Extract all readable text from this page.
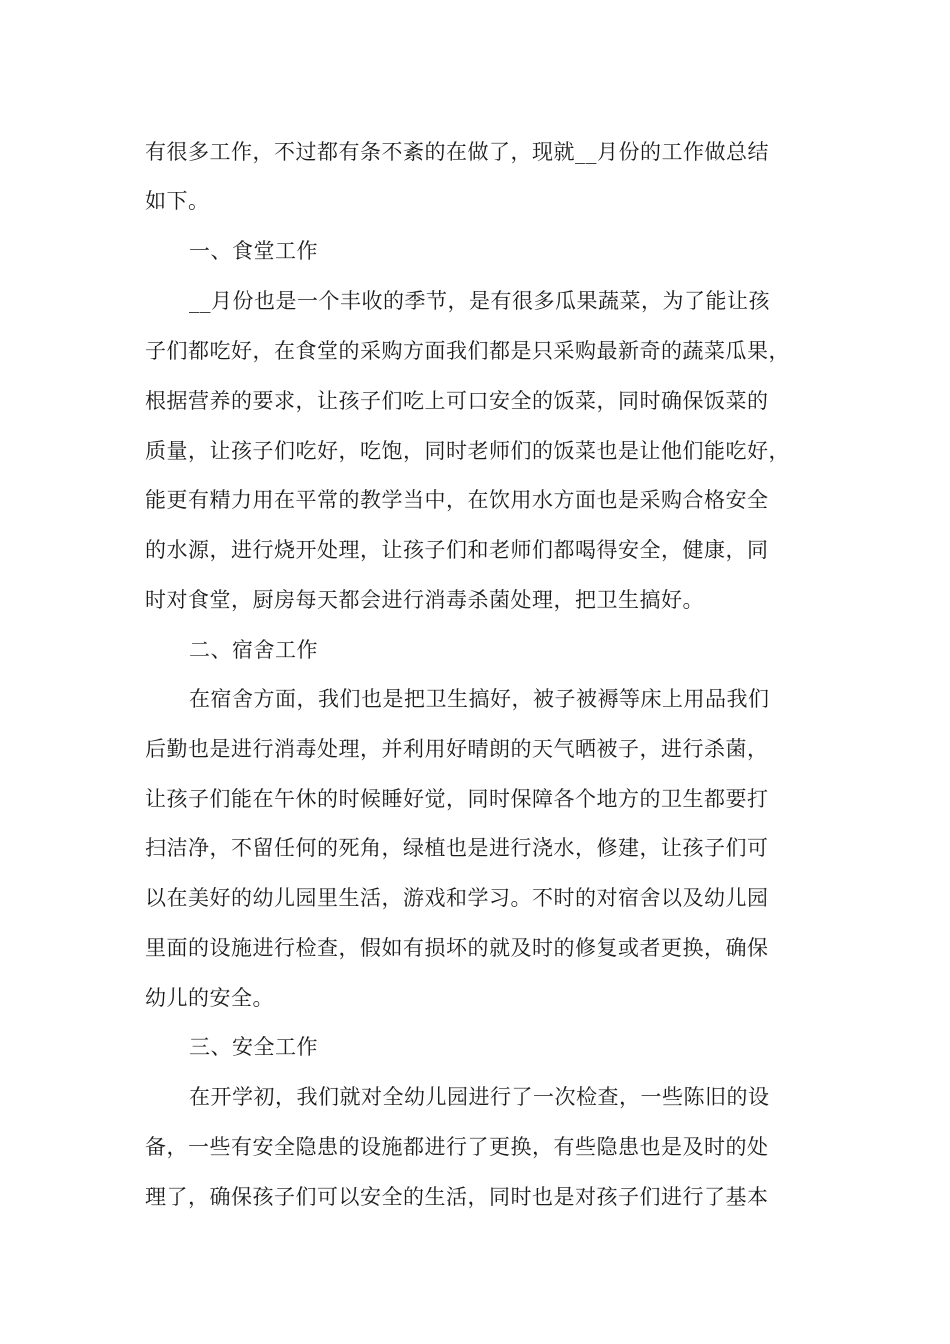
有很多工作，不过都有条不紊的在做了，现就__月份的工作做总结
如下。
一、食堂工作
__月份也是一个丰收的季节，是有很多瓜果蔬菜，为了能让孩
子们都吃好，在食堂的采购方面我们都是只采购最新奇的蔬菜瓜果，
根据营养的要求，让孩子们吃上可口安全的饭菜，同时确保饭菜的
质量，让孩子们吃好，吃饱，同时老师们的饭菜也是让他们能吃好，
能更有精力用在平常的教学当中，在饮用水方面也是采购合格安全
的水源，进行烧开处理，让孩子们和老师们都喝得安全，健康，同
时对食堂，厨房每天都会进行消毒杀菌处理，把卫生搞好。
二、宿舍工作
在宿舍方面，我们也是把卫生搞好，被子被褥等床上用品我们
后勤也是进行消毒处理，并利用好晴朗的天气晒被子，进行杀菌，
让孩子们能在午休的时候睡好觉，同时保障各个地方的卫生都要打
扫洁净，不留任何的死角，绿植也是进行浇水，修建，让孩子们可
以在美好的幼儿园里生活，游戏和学习。不时的对宿舍以及幼儿园
里面的设施进行检查，假如有损坏的就及时的修复或者更换，确保
幼儿的安全。
三、安全工作
在开学初，我们就对全幼儿园进行了一次检查，一些陈旧的设
备，一些有安全隐患的设施都进行了更换，有些隐患也是及时的处
理了，确保孩子们可以安全的生活，同时也是对孩子们进行了基本
